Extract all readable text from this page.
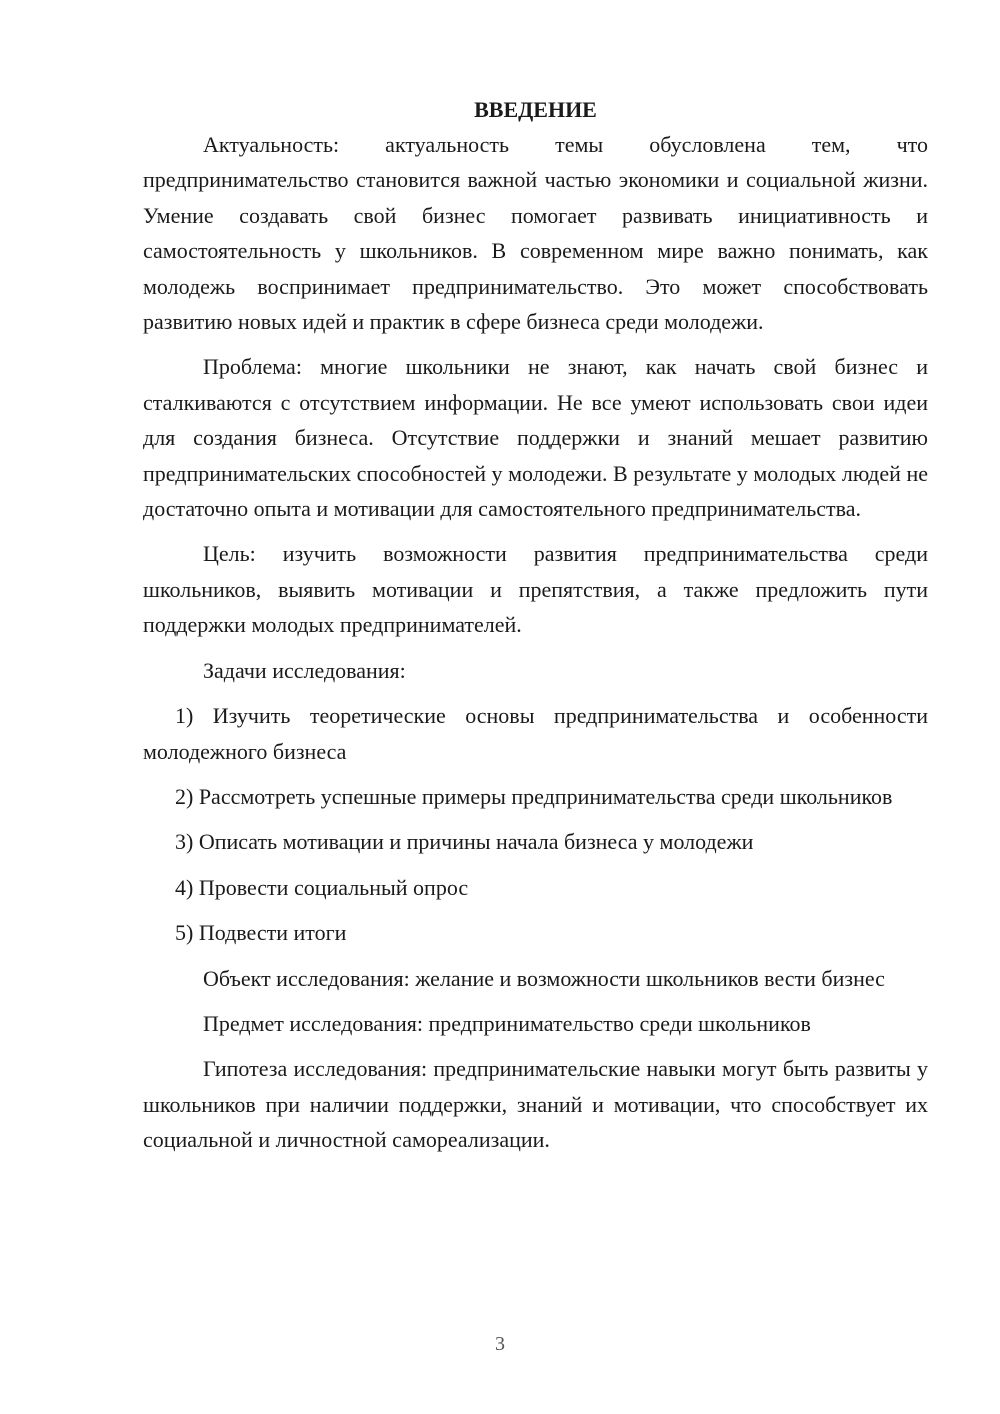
ВВЕДЕНИЕ

Актуальность: актуальность темы обусловлена тем, что предпринимательство становится важной частью экономики и социальной жизни. Умение создавать свой бизнес помогает развивать инициативность и самостоятельность у школьников. В современном мире важно понимать, как молодежь воспринимает предпринимательство. Это может способствовать развитию новых идей и практик в сфере бизнеса среди молодежи.

Проблема: многие школьники не знают, как начать свой бизнес и сталкиваются с отсутствием информации. Не все умеют использовать свои идеи для создания бизнеса. Отсутствие поддержки и знаний мешает развитию предпринимательских способностей у молодежи. В результате у молодых людей не достаточно опыта и мотивации для самостоятельного предпринимательства.

Цель: изучить возможности развития предпринимательства среди школьников, выявить мотивации и препятствия, а также предложить пути поддержки молодых предпринимателей.

Задачи исследования:

1) Изучить теоретические основы предпринимательства и особенности молодежного бизнеса

2) Рассмотреть успешные примеры предпринимательства среди школьников

3) Описать мотивации и причины начала бизнеса у молодежи

4) Провести социальный опрос

5) Подвести итоги

Объект исследования: желание и возможности школьников вести бизнес

Предмет исследования: предпринимательство среди школьников

Гипотеза исследования: предпринимательские навыки могут быть развиты у школьников при наличии поддержки, знаний и мотивации, что способствует их социальной и личностной самореализации.

3
